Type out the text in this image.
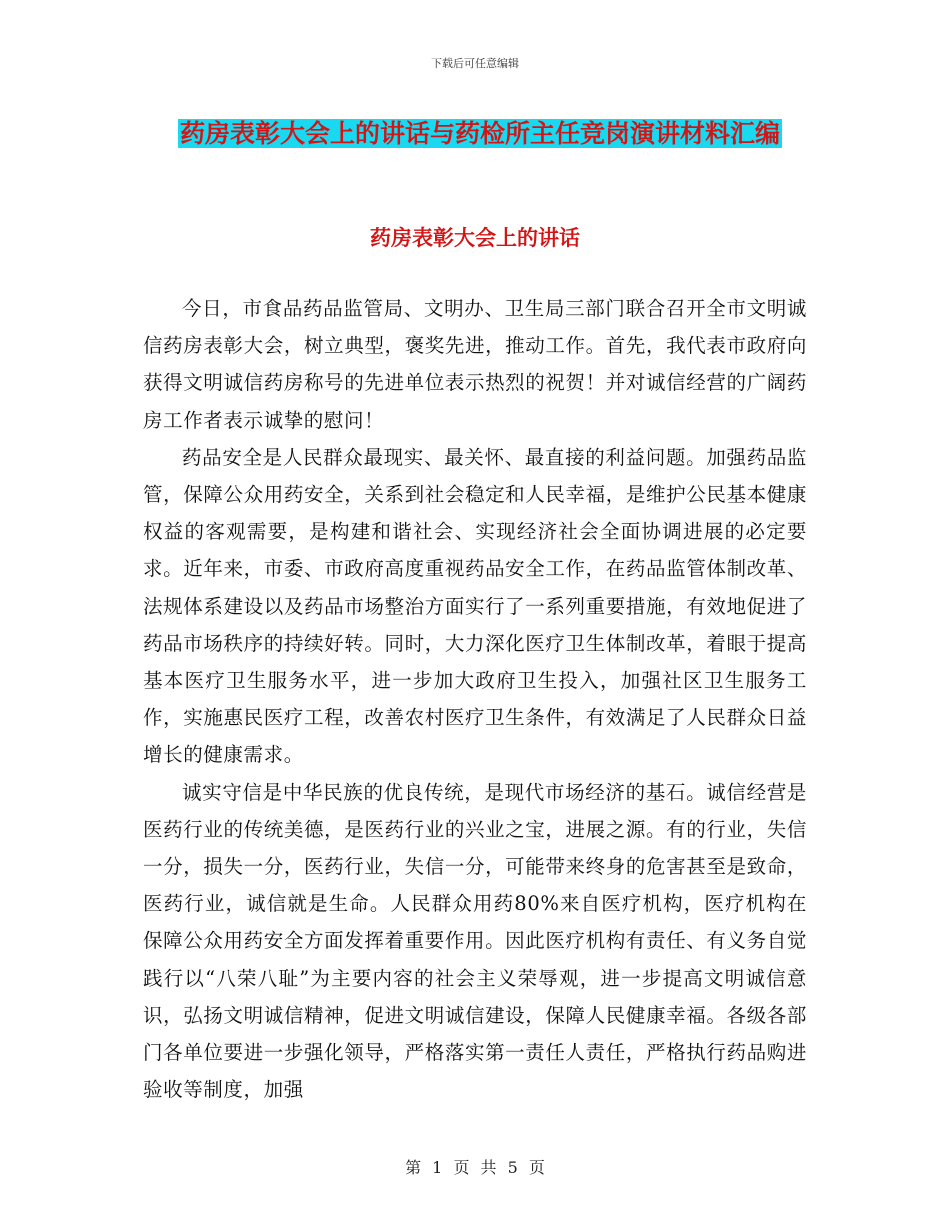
下载后可任意编辑
药房表彰大会上的讲话与药检所主任竞岗演讲材料汇编
药房表彰大会上的讲话

今日，市食品药品监管局、文明办、卫生局三部门联合召开全市文明诚信药房表彰大会，树立典型，褒奖先进，推动工作。首先，我代表市政府向获得文明诚信药房称号的先进单位表示热烈的祝贺！并对诚信经营的广阔药房工作者表示诚挚的慰问！

药品安全是人民群众最现实、最关怀、最直接的利益问题。加强药品监管，保障公众用药安全，关系到社会稳定和人民幸福，是维护公民基本健康权益的客观需要，是构建和谐社会、实现经济社会全面协调进展的必定要求。近年来，市委、市政府高度重视药品安全工作，在药品监管体制改革、法规体系建设以及药品市场整治方面实行了一系列重要措施，有效地促进了药品市场秩序的持续好转。同时，大力深化医疗卫生体制改革，着眼于提高基本医疗卫生服务水平，进一步加大政府卫生投入，加强社区卫生服务工作，实施惠民医疗工程，改善农村医疗卫生条件，有效满足了人民群众日益增长的健康需求。

诚实守信是中华民族的优良传统，是现代市场经济的基石。诚信经营是医药行业的传统美德，是医药行业的兴业之宝，进展之源。有的行业，失信一分，损失一分，医药行业，失信一分，可能带来终身的危害甚至是致命，医药行业，诚信就是生命。人民群众用药80%来自医疗机构，医疗机构在保障公众用药安全方面发挥着重要作用。因此医疗机构有责任、有义务自觉践行以“八荣八耻”为主要内容的社会主义荣辱观，进一步提高文明诚信意识，弘扬文明诚信精神，促进文明诚信建设，保障人民健康幸福。各级各部门各单位要进一步强化领导，严格落实第一责任人责任，严格执行药品购进验收等制度，加强

第 1 页 共 5 页
